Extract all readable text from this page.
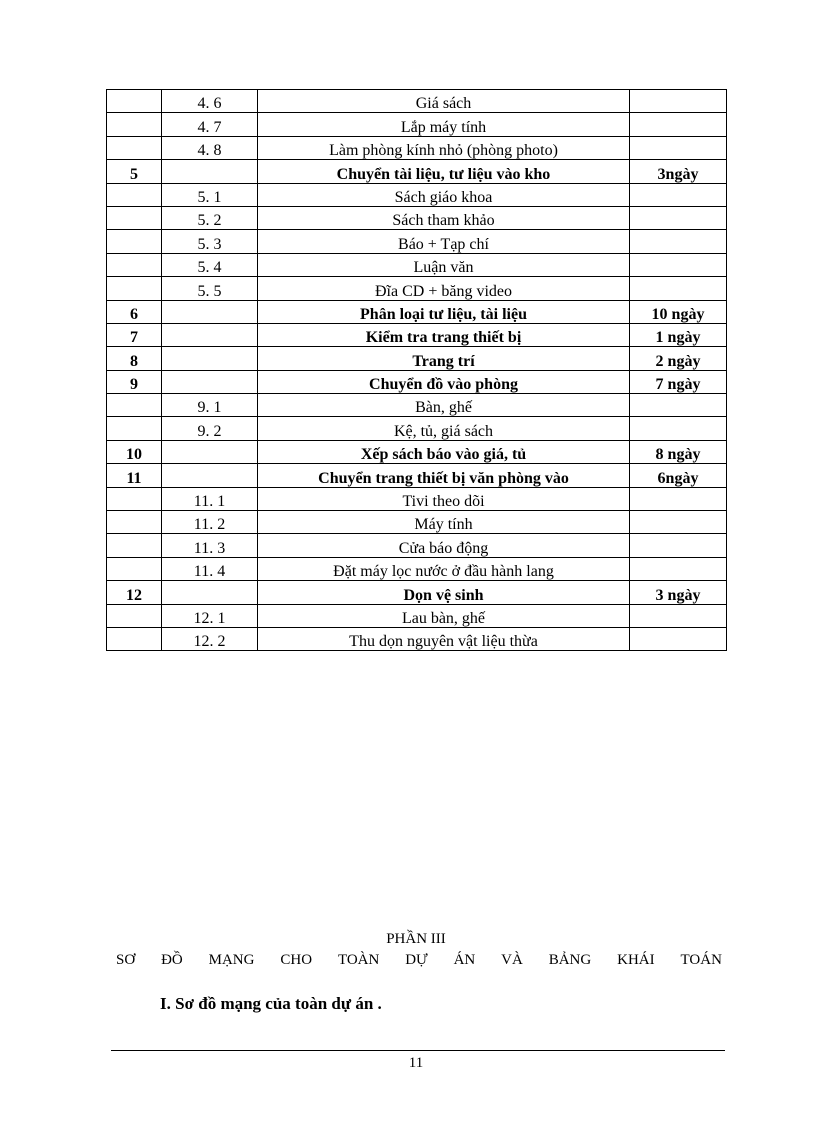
	4. 6	Giá sách	
	4. 7	Lắp máy tính	
	4. 8	Làm phòng kính nhỏ (phòng photo)	
5		Chuyển tài liệu, tư liệu vào kho	3ngày
	5. 1	Sách giáo khoa	
	5. 2	Sách tham khảo	
	5. 3	Báo + Tạp chí	
	5. 4	Luận văn	
	5. 5	Đĩa CD + băng video	
6		Phân loại tư liệu, tài liệu	10 ngày
7		Kiểm tra trang thiết bị	1 ngày
8		Trang trí	2 ngày
9		Chuyển đồ vào phòng	7 ngày
	9. 1	Bàn, ghế	
	9. 2	Kệ, tủ, giá sách	
10		Xếp sách báo vào giá, tủ	8 ngày
11		Chuyển trang thiết bị văn phòng vào	6ngày
	11. 1	Tivi theo dõi	
	11. 2	Máy tính	
	11. 3	Cửa báo động	
	11. 4	Đặt máy lọc nước ở đầu hành lang	
12		Dọn vệ sinh	3 ngày
	12. 1	Lau bàn, ghế	
	12. 2	Thu dọn nguyên vật liệu thừa	
PHẦN III
SƠ ĐỒ MẠNG CHO TOÀN DỰ ÁN VÀ BẢNG KHÁI TOÁN
I. Sơ đồ mạng của toàn dự án .
11
